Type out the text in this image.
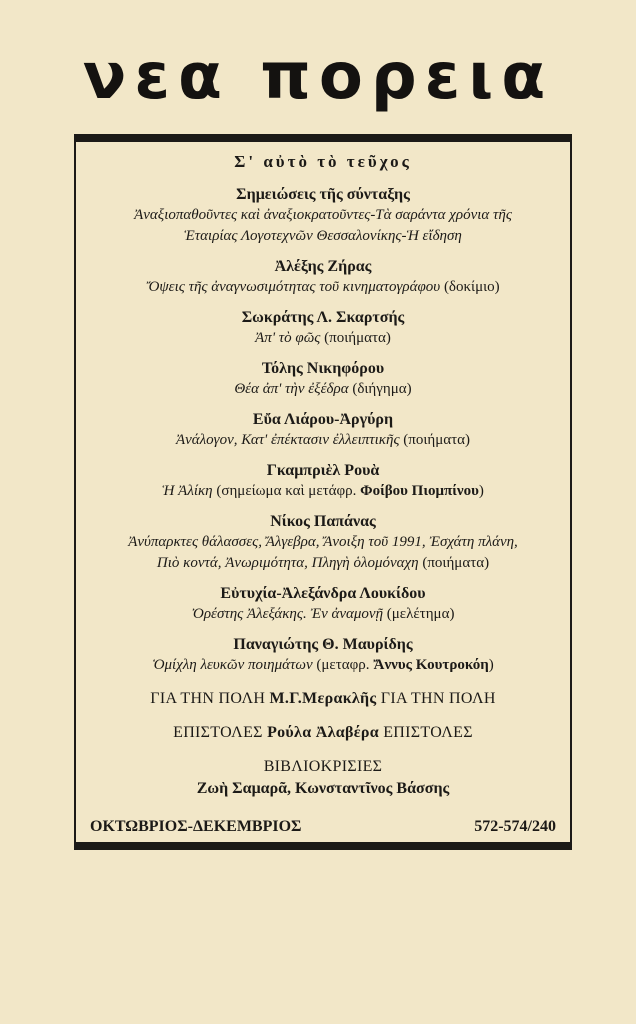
νεα πορεια
Σ' αὐτὸ τὸ τεῦχος
Σημειώσεις τῆς σύνταξης
Ἀναξιοπαθοῦντες καὶ ἀναξιοκρατοῦντες-Τὰ σαράντα χρόνια τῆς
Ἑταιρίας Λογοτεχνῶν Θεσσαλονίκης-Ἡ εἴδηση
Ἀλέξης Ζήρας
Ὄψεις τῆς ἀναγνωσιμότητας τοῦ κινηματογράφου (δοκίμιο)
Σωκράτης Λ. Σκαρτσής
Ἀπ' τὸ φῶς (ποιήματα)
Τόλης Νικηφόρου
Θέα ἀπ' τὴν ἐξέδρα (διήγημα)
Εὔα Λιάρου-Ἀργύρη
Ἀνάλογον, Κατ' ἐπέκτασιν ἐλλειπτικῆς (ποιήματα)
Γκαμπριὲλ Ρουὰ
Ἡ Ἀλίκη (σημείωμα καὶ μετάφρ. Φοίβου Πιομπίνου)
Νίκος Παπάνας
Ἀνύπαρκτες θάλασσες, Ἄλγεβρα, Ἄνοιξη τοῦ 1991, Ἐσχάτη πλάνη,
Πιὸ κοντά, Ἀνωριμότητα, Πληγὴ ὁλομόναχη (ποιήματα)
Εὐτυχία-Ἀλεξάνδρα Λουκίδου
Ὀρέστης Ἀλεξάκης. Ἐν ἀναμονῇ (μελέτημα)
Παναγιώτης Θ. Μαυρίδης
Ὁμίχλη λευκῶν ποιημάτων (μεταφρ. Ἄννυς Κουτροκόη)
ΓΙΑ ΤΗΝ ΠΟΛΗ Μ.Γ.Μερακλῆς ΓΙΑ ΤΗΝ ΠΟΛΗ
ΕΠΙΣΤΟΛΕΣ Ρούλα Ἀλαβέρα ΕΠΙΣΤΟΛΕΣ
ΒΙΒΛΙΟΚΡΙΣΙΕΣ
Ζωὴ Σαμαρᾶ, Κωνσταντῖνος Βάσσης
ΟΚΤΩΒΡΙΟΣ-ΔΕΚΕΜΒΡΙΟΣ	572-574/240
